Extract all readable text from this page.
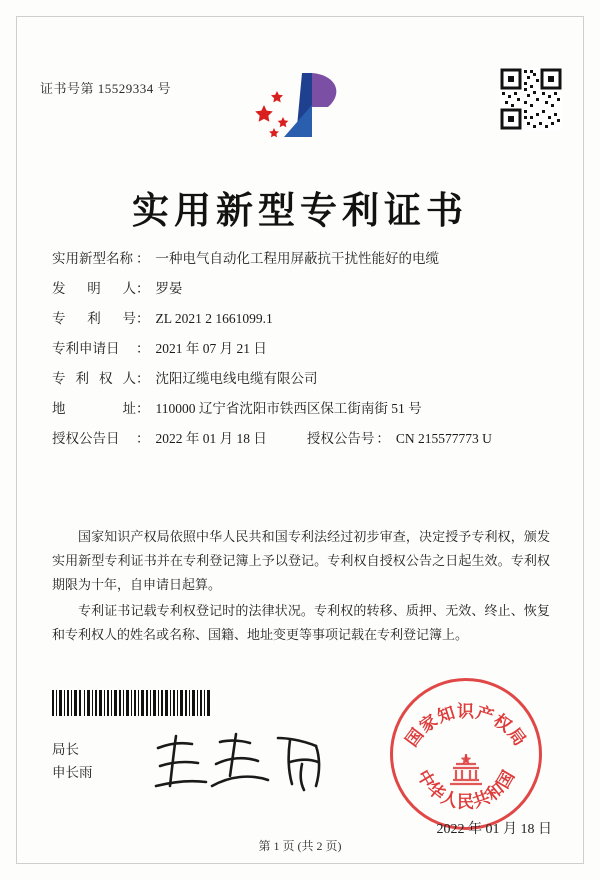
证书号第 15529334 号
实用新型专利证书
实用新型名称 ： 一种电气自动化工程用屏蔽抗干扰性能好的电缆
发 明 人： 罗晏
专 利 号： ZL 2021 2 1661099.1
专利申请日 ： 2021 年 07 月 21 日
专 利 权 人： 沈阳辽缆电线电缆有限公司
地 址： 110000 辽宁省沈阳市铁西区保工街南街 51 号
授权公告日 ： 2022 年 01 月 18 日	授权公告号 ： CN 215577773 U

国家知识产权局依照中华人民共和国专利法经过初步审查，决定授予专利权，颁发实用新型专利证书并在专利登记簿上予以登记。专利权自授权公告之日起生效。专利权期限为十年，自申请日起算。

专利证书记载专利权登记时的法律状况。专利权的转移、质押、无效、终止、恢复和专利权人的姓名或名称、国籍、地址变更等事项记载在专利登记簿上。

局长
申长雨
国家知识产权局
中华人民共和国
2022 年 01 月 18 日
第 1 页 (共 2 页)
